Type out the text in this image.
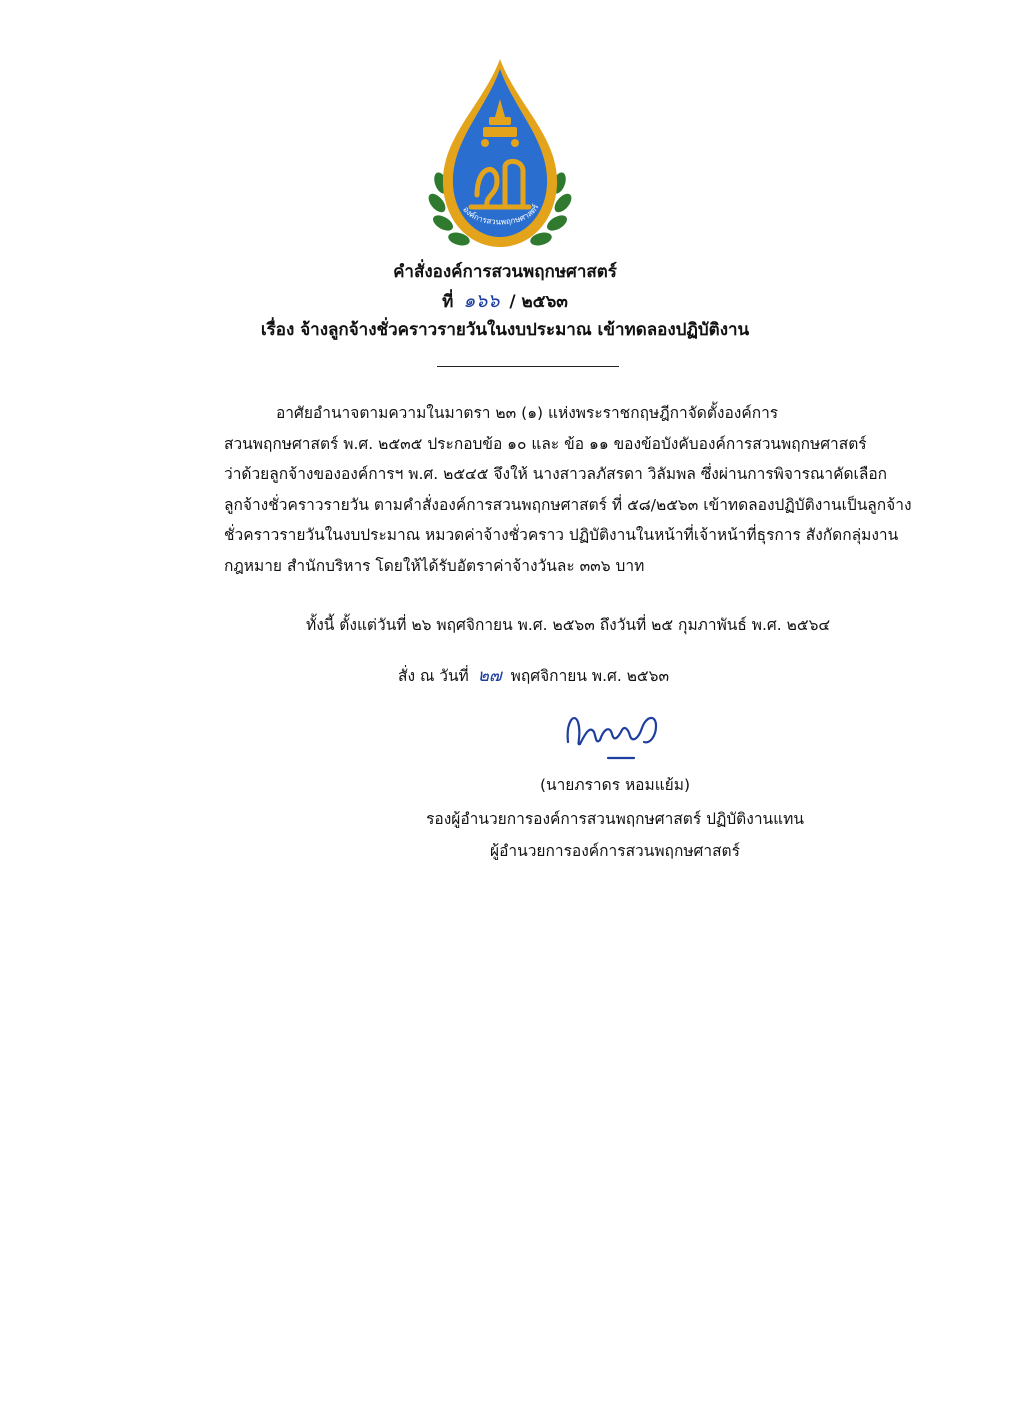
องค์การสวนพฤกษศาสตร์
คำสั่งองค์การสวนพฤกษศาสตร์
ที่ ๑๖๖ / ๒๕๖๓
เรื่อง จ้างลูกจ้างชั่วคราวรายวันในงบประมาณ เข้าทดลองปฏิบัติงาน
อาศัยอำนาจตามความในมาตรา ๒๓ (๑) แห่งพระราชกฤษฎีกาจัดตั้งองค์การ
สวนพฤกษศาสตร์ พ.ศ. ๒๕๓๕ ประกอบข้อ ๑๐ และ ข้อ ๑๑ ของข้อบังคับองค์การสวนพฤกษศาสตร์
ว่าด้วยลูกจ้างขององค์การฯ พ.ศ. ๒๕๔๕ จึงให้ นางสาวลภัสรดา วิลัมพล ซึ่งผ่านการพิจารณาคัดเลือก
ลูกจ้างชั่วคราวรายวัน ตามคำสั่งองค์การสวนพฤกษศาสตร์ ที่ ๕๘/๒๕๖๓ เข้าทดลองปฏิบัติงานเป็นลูกจ้าง
ชั่วคราวรายวันในงบประมาณ หมวดค่าจ้างชั่วคราว ปฏิบัติงานในหน้าที่เจ้าหน้าที่ธุรการ สังกัดกลุ่มงาน
กฎหมาย สำนักบริหาร โดยให้ได้รับอัตราค่าจ้างวันละ ๓๓๖ บาท
ทั้งนี้ ตั้งแต่วันที่ ๒๖ พฤศจิกายน พ.ศ. ๒๕๖๓ ถึงวันที่ ๒๕ กุมภาพันธ์ พ.ศ. ๒๕๖๔
สั่ง ณ วันที่ ๒๗ พฤศจิกายน พ.ศ. ๒๕๖๓
(นายภราดร หอมแย้ม)
รองผู้อำนวยการองค์การสวนพฤกษศาสตร์ ปฏิบัติงานแทน
ผู้อำนวยการองค์การสวนพฤกษศาสตร์
